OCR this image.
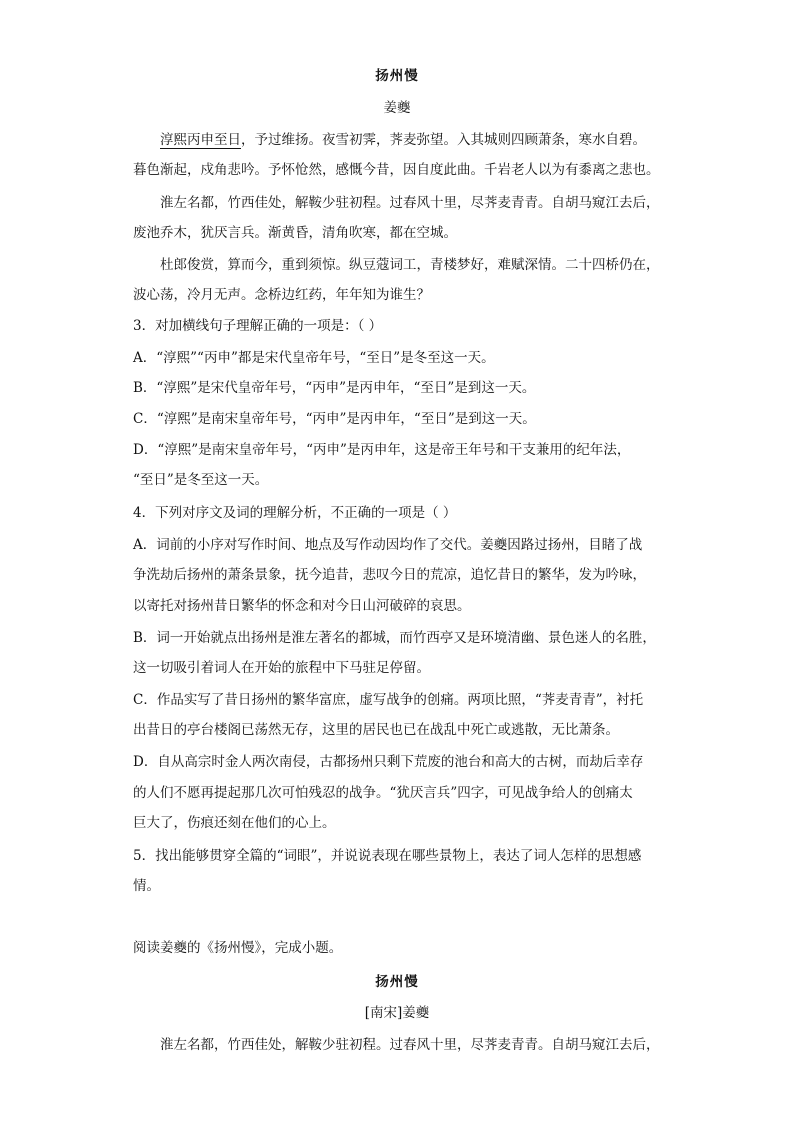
扬州慢
姜夔
淳熙丙申至日，予过维扬。夜雪初霁，荠麦弥望。入其城则四顾萧条，寒水自碧。
暮色渐起，戍角悲吟。予怀怆然，感慨今昔，因自度此曲。千岩老人以为有黍离之悲也。
淮左名都，竹西佳处，解鞍少驻初程。过春风十里，尽荠麦青青。自胡马窥江去后，
废池乔木，犹厌言兵。渐黄昏，清角吹寒，都在空城。
杜郎俊赏，算而今，重到须惊。纵豆蔻词工，青楼梦好，难赋深情。二十四桥仍在，
波心荡，冷月无声。念桥边红药，年年知为谁生？
3．对加横线句子理解正确的一项是：（ ）
A．“淳熙”“丙申”都是宋代皇帝年号，“至日”是冬至这一天。
B．“淳熙”是宋代皇帝年号，“丙申”是丙申年，“至日”是到这一天。
C．“淳熙”是南宋皇帝年号，“丙申”是丙申年，“至日”是到这一天。
D．“淳熙”是南宋皇帝年号，“丙申”是丙申年，这是帝王年号和干支兼用的纪年法，
“至日”是冬至这一天。
4．下列对序文及词的理解分析，不正确的一项是（ ）
A．词前的小序对写作时间、地点及写作动因均作了交代。姜夔因路过扬州，目睹了战
争洗劫后扬州的萧条景象，抚今追昔，悲叹今日的荒凉，追忆昔日的繁华，发为吟咏，
以寄托对扬州昔日繁华的怀念和对今日山河破碎的哀思。
B．词一开始就点出扬州是淮左著名的都城，而竹西亭又是环境清幽、景色迷人的名胜，
这一切吸引着词人在开始的旅程中下马驻足停留。
C．作品实写了昔日扬州的繁华富庶，虚写战争的创痛。两项比照，“荠麦青青”，衬托
出昔日的亭台楼阁已荡然无存，这里的居民也已在战乱中死亡或逃散，无比萧条。
D．自从高宗时金人两次南侵，古都扬州只剩下荒废的池台和高大的古树，而劫后幸存
的人们不愿再提起那几次可怕残忍的战争。“犹厌言兵”四字，可见战争给人的创痛太
巨大了，伤痕还刻在他们的心上。
5．找出能够贯穿全篇的“词眼”，并说说表现在哪些景物上，表达了词人怎样的思想感
情。
阅读姜夔的《扬州慢》，完成小题。
扬州慢
[南宋]姜夔
淮左名都，竹西佳处，解鞍少驻初程。过春风十里，尽荠麦青青。自胡马窥江去后，
